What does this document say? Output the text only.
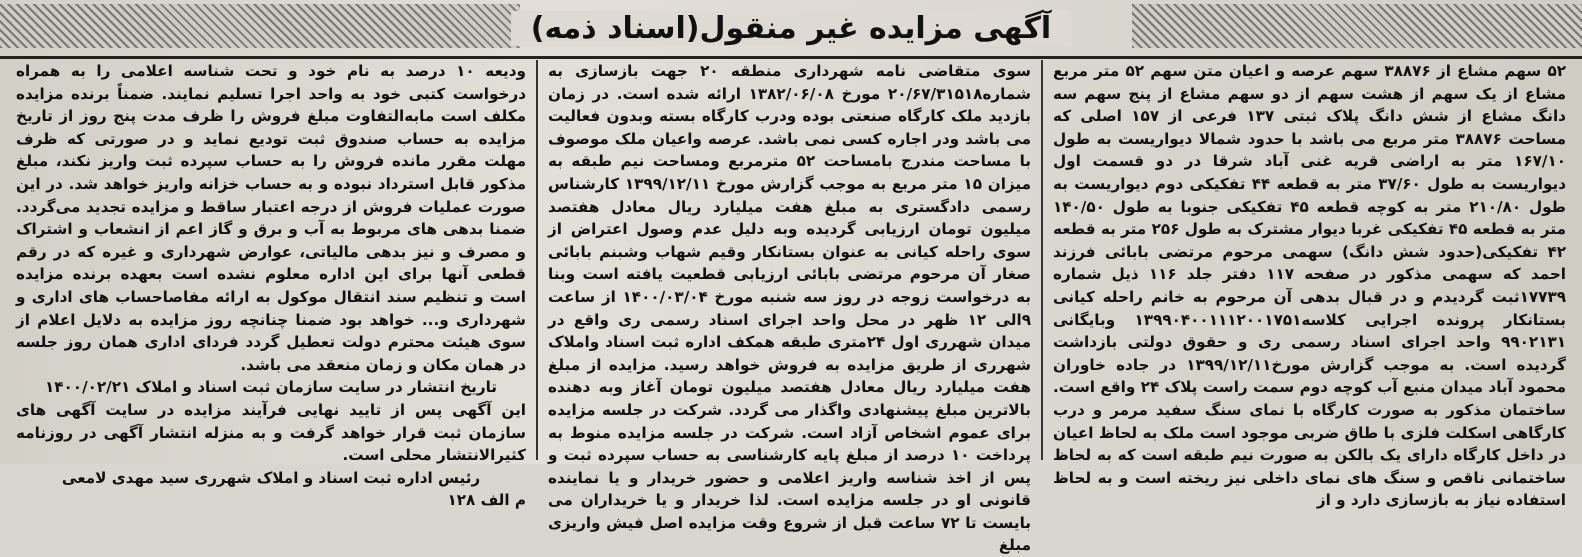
آگهی مزایده غیر منقول(اسناد ذمه)

۵۲ سهم مشاع از ۳۸۸۷۶ سهم عرصه و اعیان متن سهم ۵۲ متر مربع مشاع از یک سهم از هشت سهم از دو سهم مشاع از پنج سهم سه دانگ مشاع از شش دانگ پلاک ثبتی ۱۳۷ فرعی از ۱۵۷ اصلی که مساحت ۳۸۸۷۶ متر مربع می باشد با حدود شمالا دیواریست به طول ۱۶۷/۱۰ متر به اراضی قریه غنی آباد شرقا در دو قسمت اول دیواریست به طول ۳۷/۶۰ متر به قطعه ۴۴ تفکیکی دوم دیواریست به طول ۲۱۰/۸۰ متر به کوچه قطعه ۴۵ تفکیکی جنوبا به طول ۱۴۰/۵۰ متر به قطعه ۴۵ تفکیکی غربا دیوار مشترک به طول ۲۵۶ متر به قطعه ۴۲ تفکیکی(حدود شش دانگ) سهمی مرحوم مرتضی بابائی فرزند احمد که سهمی مذکور در صفحه ۱۱۷ دفتر جلد ۱۱۶ ذیل شماره ۱۷۷۳۹ثبت گردیدم و در قبال بدهی آن مرحوم به خانم راحله کیانی بستانکار پرونده اجرایی کلاسه۱۳۹۹۰۴۰۰۱۱۱۲۰۰۱۷۵۱ وبایگانی ۹۹۰۲۱۳۱ واحد اجرای اسناد رسمی ری و حقوق دولتی بازداشت گردیده است. به موجب گزارش مورخ۱۳۹۹/۱۲/۱۱ در جاده خاوران محمود آباد میدان منبع آب کوچه دوم سمت راست پلاک ۲۴ واقع است. ساختمان مذکور به صورت کارگاه با نمای سنگ سفید مرمر و درب کارگاهی اسکلت فلزی با طاق ضربی موجود است ملک به لحاظ اعیان در داخل کارگاه دارای یک بالکن به صورت نیم طبقه است که به لحاظ ساختمانی ناقص و سنگ های نمای داخلی نیز ریخته است و به لحاظ استفاده نیاز به بازسازی دارد و از

سوی متقاضی نامه شهرداری منطقه ۲۰ جهت بازسازی به شماره۲۰/۶۷/۳۱۵۱۸ مورخ ۱۳۸۲/۰۶/۰۸ ارائه شده است. در زمان بازدید ملک کارگاه صنعتی بوده ودرب کارگاه بسته وبدون فعالیت می باشد ودر اجاره کسی نمی باشد. عرصه واعیان ملک موصوف با مساحت مندرج بامساحت ۵۲ مترمربع ومساحت نیم طبقه به میزان ۱۵ متر مربع به موجب گزارش مورخ ۱۳۹۹/۱۲/۱۱ کارشناس رسمی دادگستری به مبلغ هفت میلیارد ریال معادل هفتصد میلیون تومان ارزیابی گردیده وبه دلیل عدم وصول اعتراض از سوی راحله کیانی به عنوان بستانکار وقیم شهاب وشبنم بابائی صغار آن مرحوم مرتضی بابائی ارزیابی قطعیت یافته است وبنا به درخواست زوجه در روز سه شنبه مورخ ۱۴۰۰/۰۳/۰۴ از ساعت ۹الی ۱۲ ظهر در محل واحد اجرای اسناد رسمی ری واقع در میدان شهرری اول ۲۴متری طبقه همکف اداره ثبت اسناد واملاک شهرری از طریق مزایده به فروش خواهد رسید. مزایده از مبلغ هفت میلیارد ریال معادل هفتصد میلیون تومان آغاز وبه دهنده بالاترین مبلغ پیشنهادی واگذار می گردد. شرکت در جلسه مزایده برای عموم اشخاص آزاد است. شرکت در جلسه مزایده منوط به پرداخت ۱۰ درصد از مبلغ پایه کارشناسی به حساب سپرده ثبت و پس از اخذ شناسه واریز اعلامی و حضور خریدار و یا نماینده قانونی او در جلسه مزایده است. لذا خریدار و یا خریداران می بایست تا ۷۲ ساعت قبل از شروع وقت مزایده اصل فیش واریزی مبلغ

ودیعه ۱۰ درصد به نام خود و تحت شناسه اعلامی را به همراه درخواست کتبی خود به واحد اجرا تسلیم نمایند. ضمناً برنده مزایده مکلف است مابه‌التفاوت مبلغ فروش را ظرف مدت پنج روز از تاریخ مزایده به حساب صندوق ثبت تودیع نماید و در صورتی که ظرف مهلت مقرر مانده فروش را به حساب سپرده ثبت واریز نکند، مبلغ مذکور قابل استرداد نبوده و به حساب خزانه واریز خواهد شد. در این صورت عملیات فروش از درجه اعتبار ساقط و مزایده تجدید می‌گردد. ضمنا بدهی های مربوط به آب و برق و گاز اعم از انشعاب و اشتراک و مصرف و نیز بدهی مالیاتی، عوارض شهرداری و غیره که در رقم قطعی آنها برای این اداره معلوم نشده است بعهده برنده مزایده است و تنظیم سند انتقال موکول به ارائه مفاصاحساب های اداری و شهرداری و... خواهد بود ضمنا چنانچه روز مزایده به دلایل اعلام از سوی هیئت محترم دولت تعطیل گردد فردای اداری همان روز جلسه در همان مکان و زمان منعقد می باشد.

تاریخ انتشار در سایت سازمان ثبت اسناد و املاک ۱۴۰۰/۰۲/۲۱

این آگهی پس از تایید نهایی فرآیند مزایده در سایت آگهی های سازمان ثبت قرار خواهد گرفت و به منزله انتشار آگهی در روزنامه کثیرالانتشار محلی است.

رئیس اداره ثبت اسناد و املاک شهرری سید مهدی لامعی

م الف ۱۲۸
